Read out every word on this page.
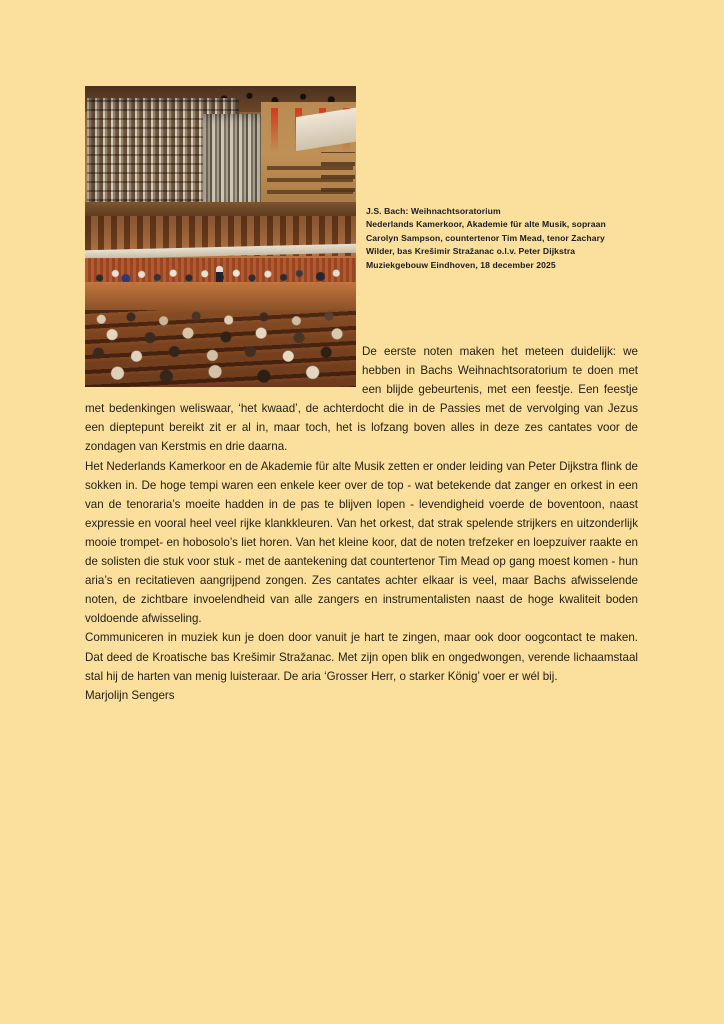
J.S. Bach: Weihnachtsoratorium
Nederlands Kamerkoor, Akademie für alte Musik, sopraan
Carolyn Sampson, countertenor Tim Mead, tenor Zachary
Wilder, bas Krešimir Stražanac o.l.v. Peter Dijkstra
Muziekgebouw Eindhoven, 18 december 2025

De eerste noten maken het meteen duidelijk: we hebben in Bachs Weihnachtsoratorium te doen met een blijde gebeurtenis, met een feestje. Een feestje met bedenkingen weliswaar, ‘het kwaad’, de achterdocht die in de Passies met de vervolging van Jezus een dieptepunt bereikt zit er al in, maar toch, het is lofzang boven alles in deze zes cantates voor de zondagen van Kerstmis en drie daarna.

Het Nederlands Kamerkoor en de Akademie für alte Musik zetten er onder leiding van Peter Dijkstra flink de sokken in. De hoge tempi waren een enkele keer over de top - wat betekende dat zanger en orkest in een van de tenoraria’s moeite hadden in de pas te blijven lopen - levendigheid voerde de boventoon, naast expressie en vooral heel veel rijke klankkleuren. Van het orkest, dat strak spelende strijkers en uitzonderlijk mooie trompet- en hobosolo’s liet horen. Van het kleine koor, dat de noten trefzeker en loepzuiver raakte en de solisten die stuk voor stuk - met de aantekening dat countertenor Tim Mead op gang moest komen - hun aria’s en recitatieven aangrijpend zongen. Zes cantates achter elkaar is veel, maar Bachs afwisselende noten, de zichtbare invoelendheid van alle zangers en instrumentalisten naast de hoge kwaliteit boden voldoende afwisseling.

Communiceren in muziek kun je doen door vanuit je hart te zingen, maar ook door oogcontact te maken. Dat deed de Kroatische bas Krešimir Stražanac. Met zijn open blik en ongedwongen, verende lichaamstaal stal hij de harten van menig luisteraar. De aria ‘Grosser Herr, o starker König’ voer er wél bij.

Marjolijn Sengers
